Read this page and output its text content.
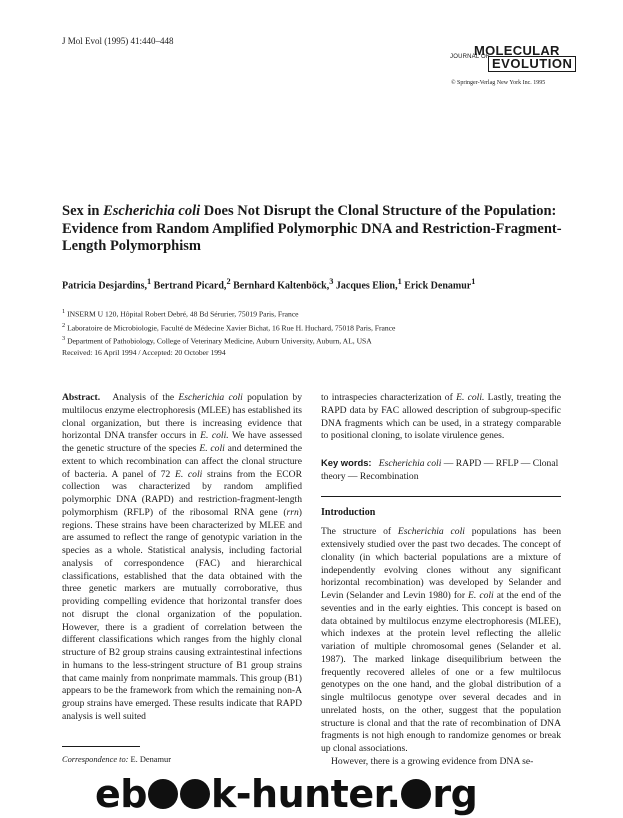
J Mol Evol (1995) 41:440–448
JOURNAL OF
MOLECULAR
EVOLUTION
© Springer-Verlag New York Inc. 1995
Sex in Escherichia coli Does Not Disrupt the Clonal Structure of the Population: Evidence from Random Amplified Polymorphic DNA and Restriction-Fragment-Length Polymorphism
Patricia Desjardins,$^1$ Bertrand Picard,$^2$ Bernhard Kaltenböck,$^3$ Jacques Elion,$^1$ Erick Denamur$^1$
$^1$ INSERM U 120, Hôpital Robert Debré, 48 Bd Sérurier, 75019 Paris, France
$^2$ Laboratoire de Microbiologie, Faculté de Médecine Xavier Bichat, 16 Rue H. Huchard, 75018 Paris, France
$^3$ Department of Pathobiology, College of Veterinary Medicine, Auburn University, Auburn, AL, USA
Received: 16 April 1994 / Accepted: 20 October 1994

Abstract. Analysis of the Escherichia coli population by multilocus enzyme electrophoresis (MLEE) has established its clonal organization, but there is increasing evidence that horizontal DNA transfer occurs in E. coli. We have assessed the genetic structure of the species E. coli and determined the extent to which recombination can affect the clonal structure of bacteria. A panel of 72 E. coli strains from the ECOR collection was characterized by random amplified polymorphic DNA (RAPD) and restriction-fragment-length polymorphism (RFLP) of the ribosomal RNA gene (rrn) regions. These strains have been characterized by MLEE and are assumed to reflect the range of genotypic variation in the species as a whole. Statistical analysis, including factorial analysis of correspondence (FAC) and hierarchical classifications, established that the data obtained with the three genetic markers are mutually corroborative, thus providing compelling evidence that horizontal transfer does not disrupt the clonal organization of the population. However, there is a gradient of correlation between the different classifications which ranges from the highly clonal structure of B2 group strains causing extraintestinal infections in humans to the less-stringent structure of B1 group strains that came mainly from nonprimate mammals. This group (B1) appears to be the framework from which the remaining non-A group strains have emerged. These results indicate that RAPD analysis is well suited

to intraspecies characterization of E. coli. Lastly, treating the RAPD data by FAC allowed description of subgroup-specific DNA fragments which can be used, in a strategy comparable to positional cloning, to isolate virulence genes.

Key words: Escherichia coli — RAPD — RFLP — Clonal theory — Recombination

Introduction

The structure of Escherichia coli populations has been extensively studied over the past two decades. The concept of clonality (in which bacterial populations are a mixture of independently evolving clones without any significant horizontal recombination) was developed by Selander and Levin (Selander and Levin 1980) for E. coli at the end of the seventies and in the early eighties. This concept is based on data obtained by multilocus enzyme electrophoresis (MLEE), which indexes at the protein level reflecting the allelic variation of multiple chromosomal genes (Selander et al. 1987). The marked linkage disequilibrium between the frequently recovered alleles of one or a few multilocus genotypes on the one hand, and the global distribution of a single multilocus genotype over several decades and in unrelated hosts, on the other, suggest that the population structure is clonal and that the rate of recombination of DNA fragments is not high enough to randomize genomes or break up clonal associations.

However, there is a growing evidence from DNA se-

Correspondence to: E. Denamur
eb k-hunter. rg
